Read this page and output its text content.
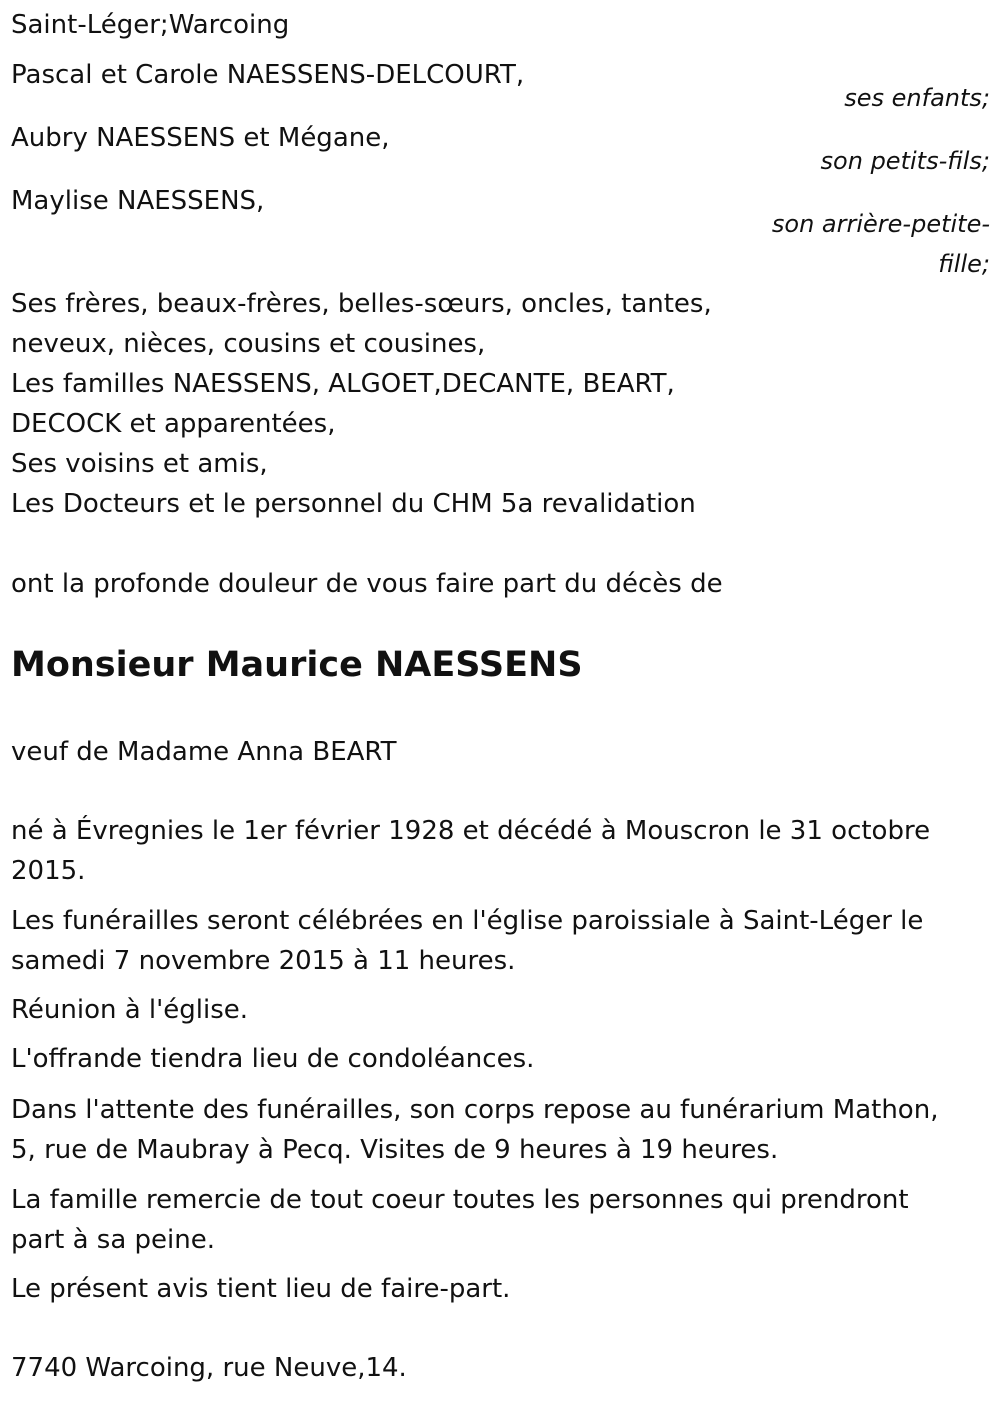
Saint-Léger;Warcoing
Pascal et Carole NAESSENS-DELCOURT,
ses enfants;
Aubry NAESSENS et Mégane,
son petits-fils;
Maylise NAESSENS,
son arrière-petite-
fille;
Ses frères, beaux-frères, belles-sœurs, oncles, tantes,
neveux, nièces, cousins et cousines,
Les familles NAESSENS, ALGOET,DECANTE, BEART,
DECOCK et apparentées,
Ses voisins et amis,
Les Docteurs et le personnel du CHM 5a revalidation
ont la profonde douleur de vous faire part du décès de
Monsieur Maurice NAESSENS
veuf de Madame Anna BEART
né à Évregnies le 1er février 1928 et décédé à Mouscron le 31 octobre
2015.
Les funérailles seront célébrées en l'église paroissiale à Saint-Léger le
samedi 7 novembre 2015 à 11 heures.
Réunion à l'église.
L'offrande tiendra lieu de condoléances.
Dans l'attente des funérailles, son corps repose au funérarium Mathon,
5, rue de Maubray à Pecq. Visites de 9 heures à 19 heures.
La famille remercie de tout coeur toutes les personnes qui prendront
part à sa peine.
Le présent avis tient lieu de faire-part.
7740 Warcoing, rue Neuve,14.
